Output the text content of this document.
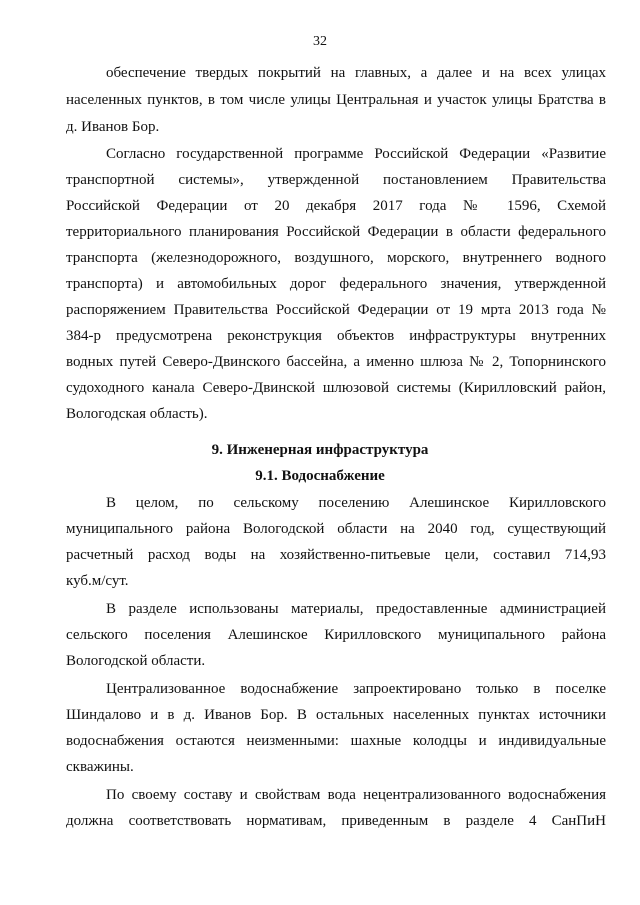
32
обеспечение твердых покрытий на главных, а далее и на всех улицах
населенных пунктов, в том числе улицы Центральная и участок улицы Братства в
д. Иванов Бор.
Согласно государственной программе Российской Федерации «Развитие
транспортной системы», утвержденной постановлением Правительства
Российской Федерации от 20 декабря 2017 года № 1596, Схемой
территориального планирования Российской Федерации в области федерального
транспорта (железнодорожного, воздушного, морского, внутреннего водного
транспорта) и автомобильных дорог федерального значения, утвержденной
распоряжением Правительства Российской Федерации от 19 мрта 2013 года №
384-р предусмотрена реконструкция объектов инфраструктуры внутренних
водных путей Северо-Двинского бассейна, а именно шлюза № 2, Топорнинского
судоходного канала Северо-Двинской шлюзовой системы (Кирилловский район,
Вологодская область).
9. Инженерная инфраструктура
9.1. Водоснабжение
В целом, по сельскому поселению Алешинское Кирилловского
муниципального района Вологодской области на 2040 год, существующий
расчетный расход воды на хозяйственно-питьевые цели, составил 714,93
куб.м/сут.
В разделе использованы материалы, предоставленные администрацией
сельского поселения Алешинское Кирилловского муниципального района
Вологодской области.
Централизованное водоснабжение запроектировано только в поселке
Шиндалово и в д. Иванов Бор. В остальных населенных пунктах источники
водоснабжения остаются неизменными: шахные колодцы и индивидуальные
скважины.
По своему составу и свойствам вода нецентрализованного водоснабжения
должна соответствовать нормативам, приведенным в разделе 4 СанПиН
